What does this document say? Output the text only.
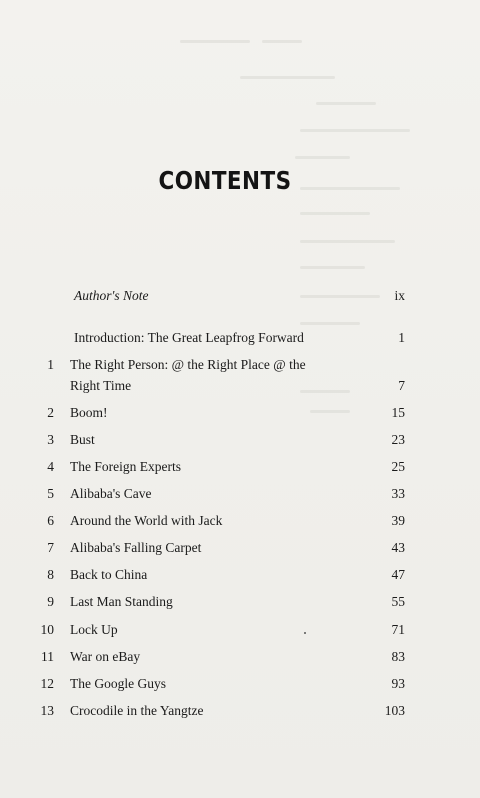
CONTENTS
Author's Note	ix
Introduction: The Great Leapfrog Forward	1
1 The Right Person: @ the Right Place @ the
Right Time	7
2 Boom!	15
3 Bust	23
4 The Foreign Experts	25
5 Alibaba's Cave	33
6 Around the World with Jack	39
7 Alibaba's Falling Carpet	43
8 Back to China	47
9 Last Man Standing	55
10 Lock Up	71
11 War on eBay	83
12 The Google Guys	93
13 Crocodile in the Yangtze	103
